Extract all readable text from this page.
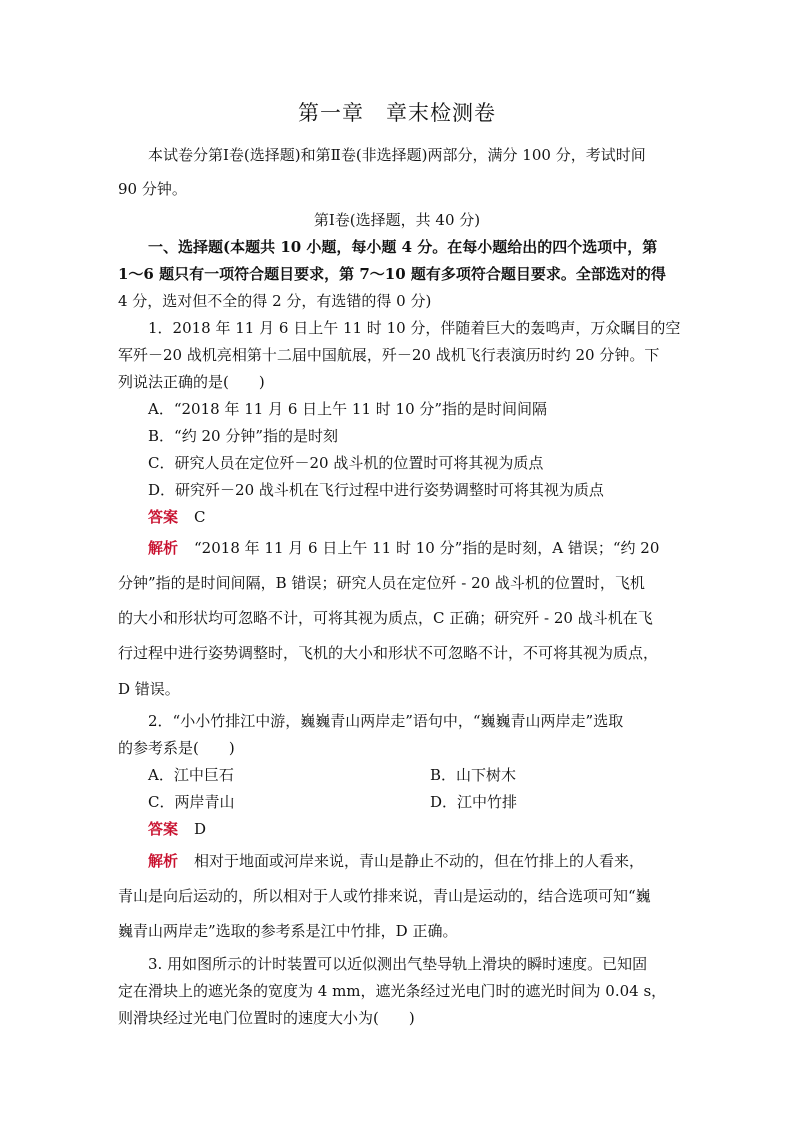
第一章　章末检测卷
本试卷分第Ⅰ卷(选择题)和第Ⅱ卷(非选择题)两部分，满分 100 分，考试时间
90 分钟。
第Ⅰ卷(选择题，共 40 分)
一、选择题(本题共 10 小题，每小题 4 分。在每小题给出的四个选项中，第
1～6 题只有一项符合题目要求，第 7～10 题有多项符合题目要求。全部选对的得
4 分，选对但不全的得 2 分，有选错的得 0 分)
1．2018 年 11 月 6 日上午 11 时 10 分，伴随着巨大的轰鸣声，万众瞩目的空
军歼－20 战机亮相第十二届中国航展，歼－20 战机飞行表演历时约 20 分钟。下
列说法正确的是(　　)
A．“2018 年 11 月 6 日上午 11 时 10 分”指的是时间间隔
B．“约 20 分钟”指的是时刻
C．研究人员在定位歼－20 战斗机的位置时可将其视为质点
D．研究歼－20 战斗机在飞行过程中进行姿势调整时可将其视为质点
答案 C
解析 “2018 年 11 月 6 日上午 11 时 10 分”指的是时刻，A 错误；“约 20
分钟”指的是时间间隔，B 错误；研究人员在定位歼 - 20 战斗机的位置时，飞机
的大小和形状均可忽略不计，可将其视为质点，C 正确；研究歼 - 20 战斗机在飞
行过程中进行姿势调整时，飞机的大小和形状不可忽略不计，不可将其视为质点，
D 错误。
2．“小小竹排江中游，巍巍青山两岸走”语句中，“巍巍青山两岸走”选取
的参考系是(　　)
A．江中巨石	B．山下树木
C．两岸青山	D．江中竹排
答案 D
解析 相对于地面或河岸来说，青山是静止不动的，但在竹排上的人看来，
青山是向后运动的，所以相对于人或竹排来说，青山是运动的，结合选项可知“巍
巍青山两岸走”选取的参考系是江中竹排，D 正确。
3. 用如图所示的计时装置可以近似测出气垫导轨上滑块的瞬时速度。已知固
定在滑块上的遮光条的宽度为 4 mm，遮光条经过光电门时的遮光时间为 0.04 s，
则滑块经过光电门位置时的速度大小为(　　)
